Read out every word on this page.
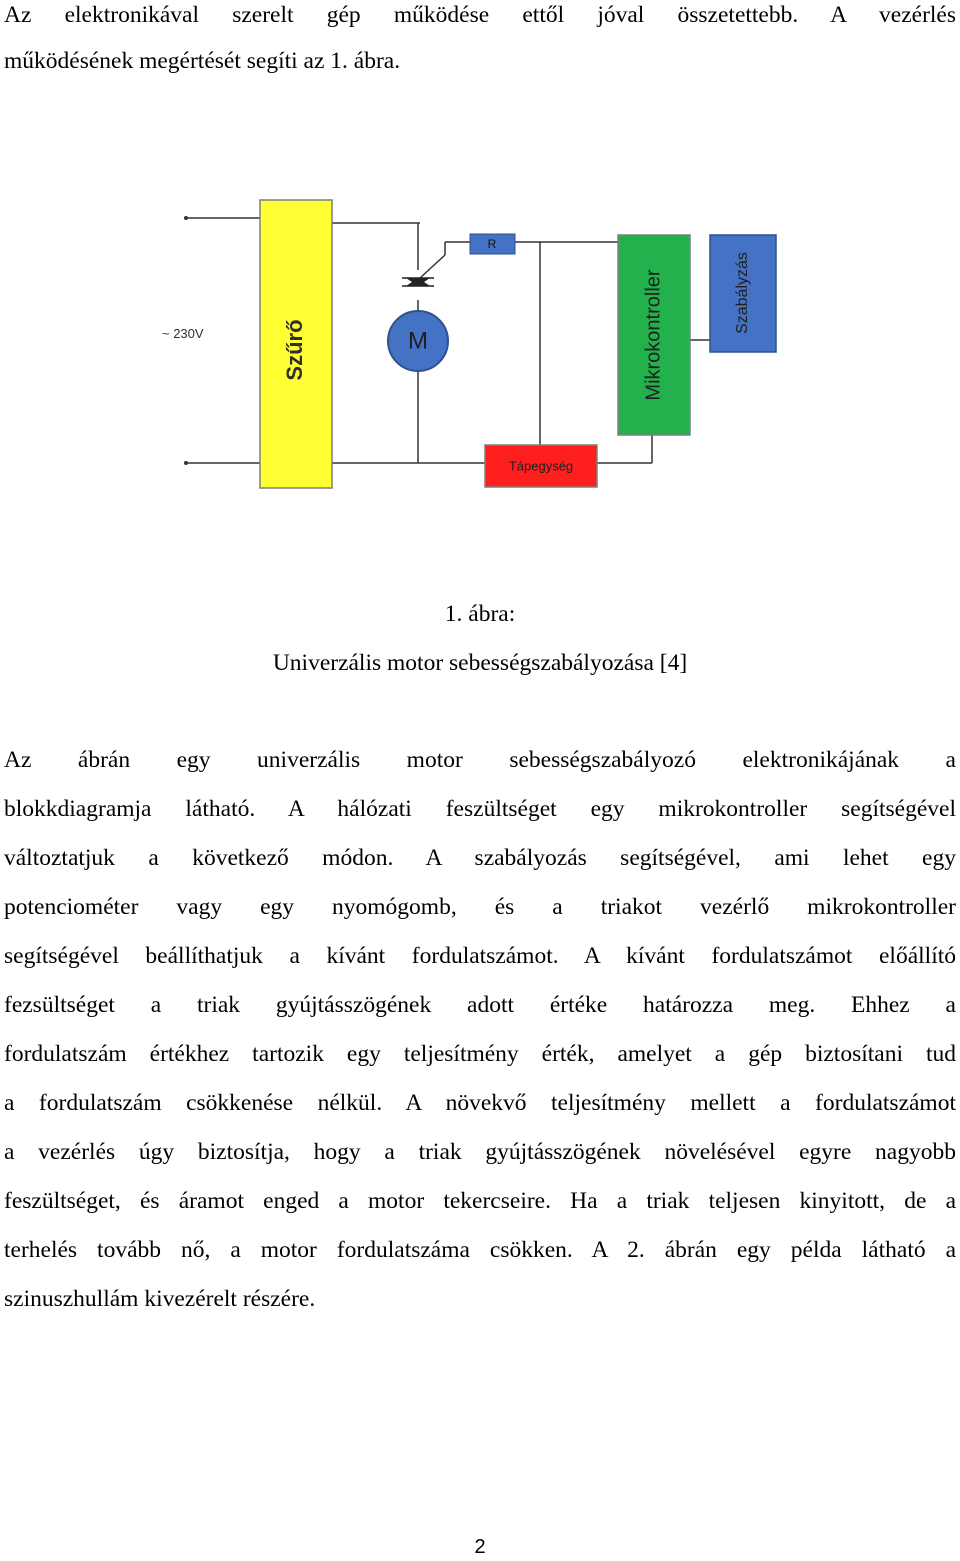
Az elektronikával szerelt gép működése ettől jóval összetettebb. A vezérlés
működésének megértését segíti az 1. ábra.
~ 230V	Szűrő	M
R
Mikrokontroller	Szabályzás
Tápegység
1. ábra:
Univerzális motor sebességszabályozása [4]
Az ábrán egy univerzális motor sebességszabályozó elektronikájának a
blokkdiagramja látható. A hálózati feszültséget egy mikrokontroller segítségével
változtatjuk a következő módon. A szabályozás segítségével, ami lehet egy
potenciométer vagy egy nyomógomb, és a triakot vezérlő mikrokontroller
segítségével beállíthatjuk a kívánt fordulatszámot. A kívánt fordulatszámot előállító
fezsültséget a triak gyújtásszögének adott értéke határozza meg. Ehhez a
fordulatszám értékhez tartozik egy teljesítmény érték, amelyet a gép biztosítani tud
a fordulatszám csökkenése nélkül. A növekvő teljesítmény mellett a fordulatszámot
a vezérlés úgy biztosítja, hogy a triak gyújtásszögének növelésével egyre nagyobb
feszültséget, és áramot enged a motor tekercseire. Ha a triak teljesen kinyitott, de a
terhelés tovább nő, a motor fordulatszáma csökken. A 2. ábrán egy példa látható a
szinuszhullám kivezérelt részére.
2
